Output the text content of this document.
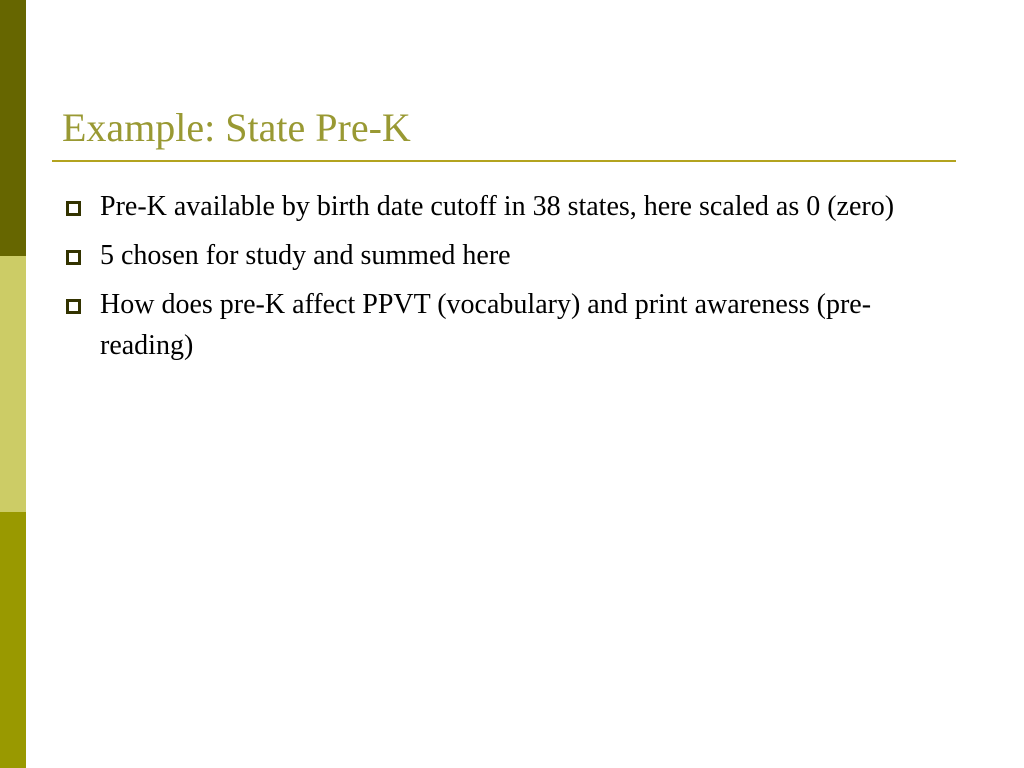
Example: State Pre-K
Pre-K available by birth date cutoff in 38 states, here scaled as 0 (zero)
5 chosen for study and summed here
How does pre-K affect PPVT (vocabulary) and print awareness (pre-reading)
